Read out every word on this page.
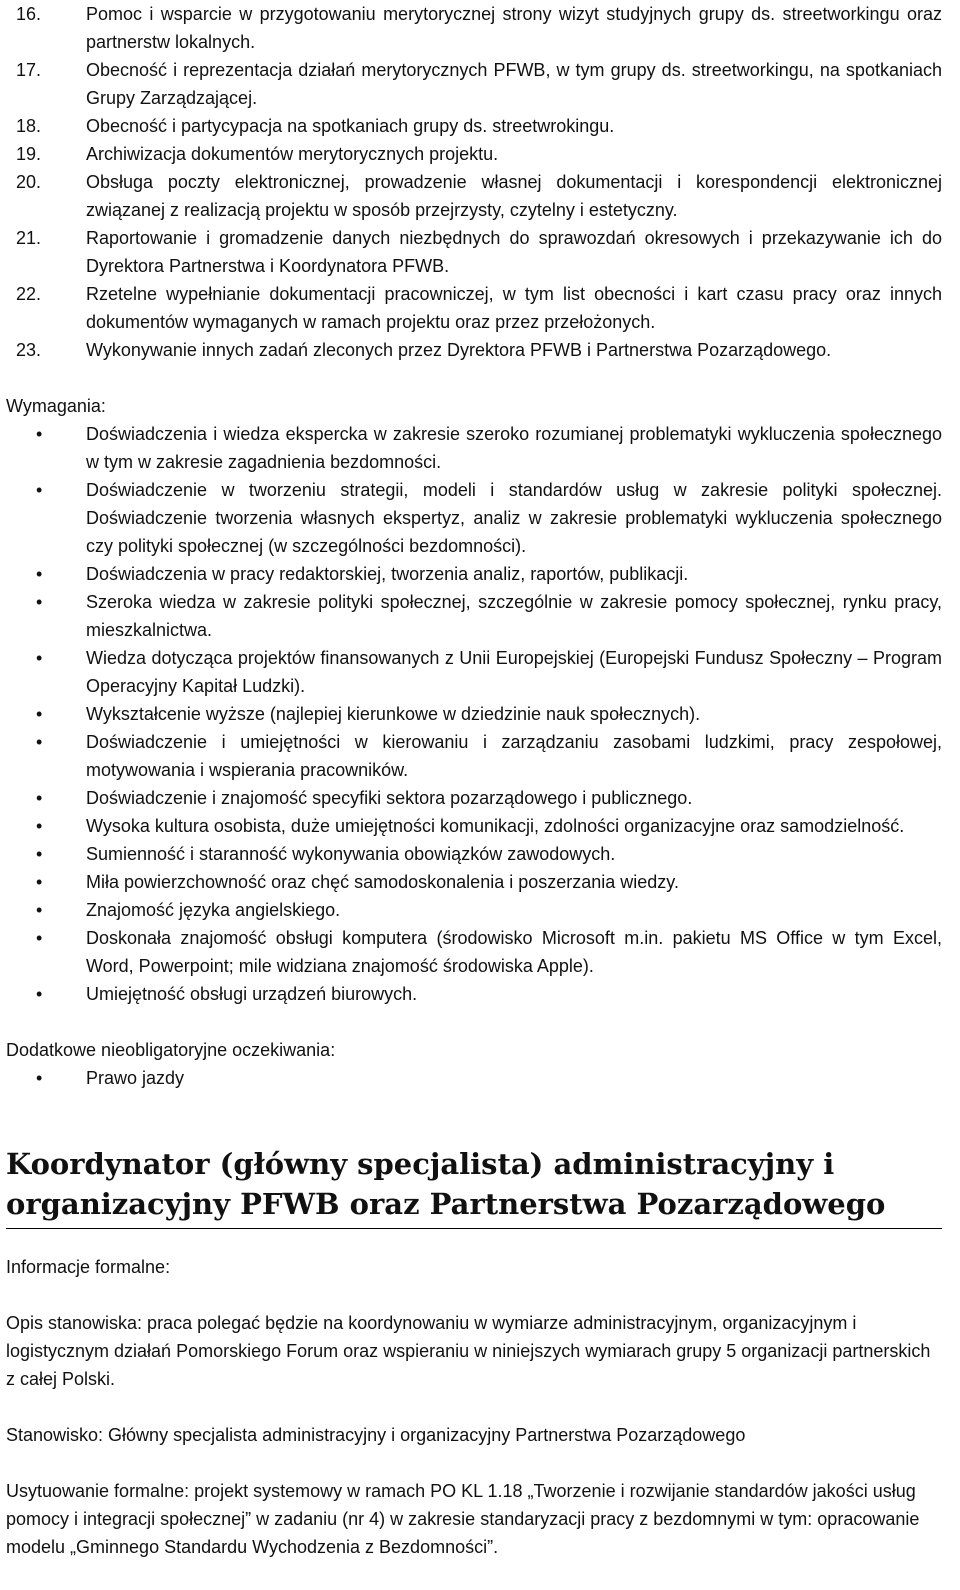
16.	Pomoc i wsparcie w przygotowaniu merytorycznej strony wizyt studyjnych grupy ds. streetworkingu oraz partnerstw lokalnych.
17.	Obecność i reprezentacja działań merytorycznych PFWB, w tym grupy ds. streetworkingu, na spotkaniach Grupy Zarządzającej.
18.	Obecność i partycypacja na spotkaniach grupy ds. streetwrokingu.
19.	Archiwizacja dokumentów merytorycznych projektu.
20.	Obsługa poczty elektronicznej, prowadzenie własnej dokumentacji i korespondencji elektronicznej związanej z realizacją projektu w sposób przejrzysty, czytelny i estetyczny.
21.	Raportowanie i gromadzenie danych niezbędnych do sprawozdań okresowych i przekazywanie ich do Dyrektora Partnerstwa i Koordynatora PFWB.
22.	Rzetelne wypełnianie dokumentacji pracowniczej, w tym list obecności i kart czasu pracy oraz innych dokumentów wymaganych w ramach projektu oraz przez przełożonych.
23.	Wykonywanie innych zadań zleconych przez Dyrektora PFWB i Partnerstwa Pozarządowego.
Wymagania:
•	Doświadczenia i wiedza ekspercka w zakresie szeroko rozumianej problematyki wykluczenia społecznego w tym w zakresie zagadnienia bezdomności.
•	Doświadczenie w tworzeniu strategii, modeli i standardów usług w zakresie polityki społecznej. Doświadczenie tworzenia własnych ekspertyz, analiz w zakresie problematyki wykluczenia społecznego czy polityki społecznej (w szczególności bezdomności).
•	Doświadczenia w pracy redaktorskiej, tworzenia analiz, raportów, publikacji.
•	Szeroka wiedza w zakresie polityki społecznej, szczególnie w zakresie pomocy społecznej, rynku pracy, mieszkalnictwa.
•	Wiedza dotycząca projektów finansowanych z Unii Europejskiej (Europejski Fundusz Społeczny – Program Operacyjny Kapitał Ludzki).
•	Wykształcenie wyższe (najlepiej kierunkowe w dziedzinie nauk społecznych).
•	Doświadczenie i umiejętności w kierowaniu i zarządzaniu zasobami ludzkimi, pracy zespołowej, motywowania i wspierania pracowników.
•	Doświadczenie i znajomość specyfiki sektora pozarządowego i publicznego.
•	Wysoka kultura osobista, duże umiejętności komunikacji, zdolności organizacyjne oraz samodzielność.
•	Sumienność i staranność wykonywania obowiązków zawodowych.
•	Miła powierzchowność oraz chęć samodoskonalenia i poszerzania wiedzy.
•	Znajomość języka angielskiego.
•	Doskonała znajomość obsługi komputera (środowisko Microsoft m.in. pakietu MS Office w tym Excel, Word, Powerpoint; mile widziana znajomość środowiska Apple).
•	Umiejętność obsługi urządzeń biurowych.
Dodatkowe nieobligatoryjne oczekiwania:
•	Prawo jazdy
Koordynator (główny specjalista) administracyjny i organizacyjny PFWB oraz Partnerstwa Pozarządowego
Informacje formalne:
Opis stanowiska: praca polegać będzie na koordynowaniu w wymiarze administracyjnym, organizacyjnym i logistycznym działań Pomorskiego Forum oraz wspieraniu w niniejszych wymiarach grupy 5 organizacji partnerskich z całej Polski.
Stanowisko: Główny specjalista administracyjny i organizacyjny Partnerstwa Pozarządowego
Usytuowanie formalne: projekt systemowy w ramach PO KL 1.18 „Tworzenie i rozwijanie standardów jakości usług pomocy i integracji społecznej” w zadaniu (nr 4) w zakresie standaryzacji pracy z bezdomnymi w tym: opracowanie modelu „Gminnego Standardu Wychodzenia z Bezdomności”.
